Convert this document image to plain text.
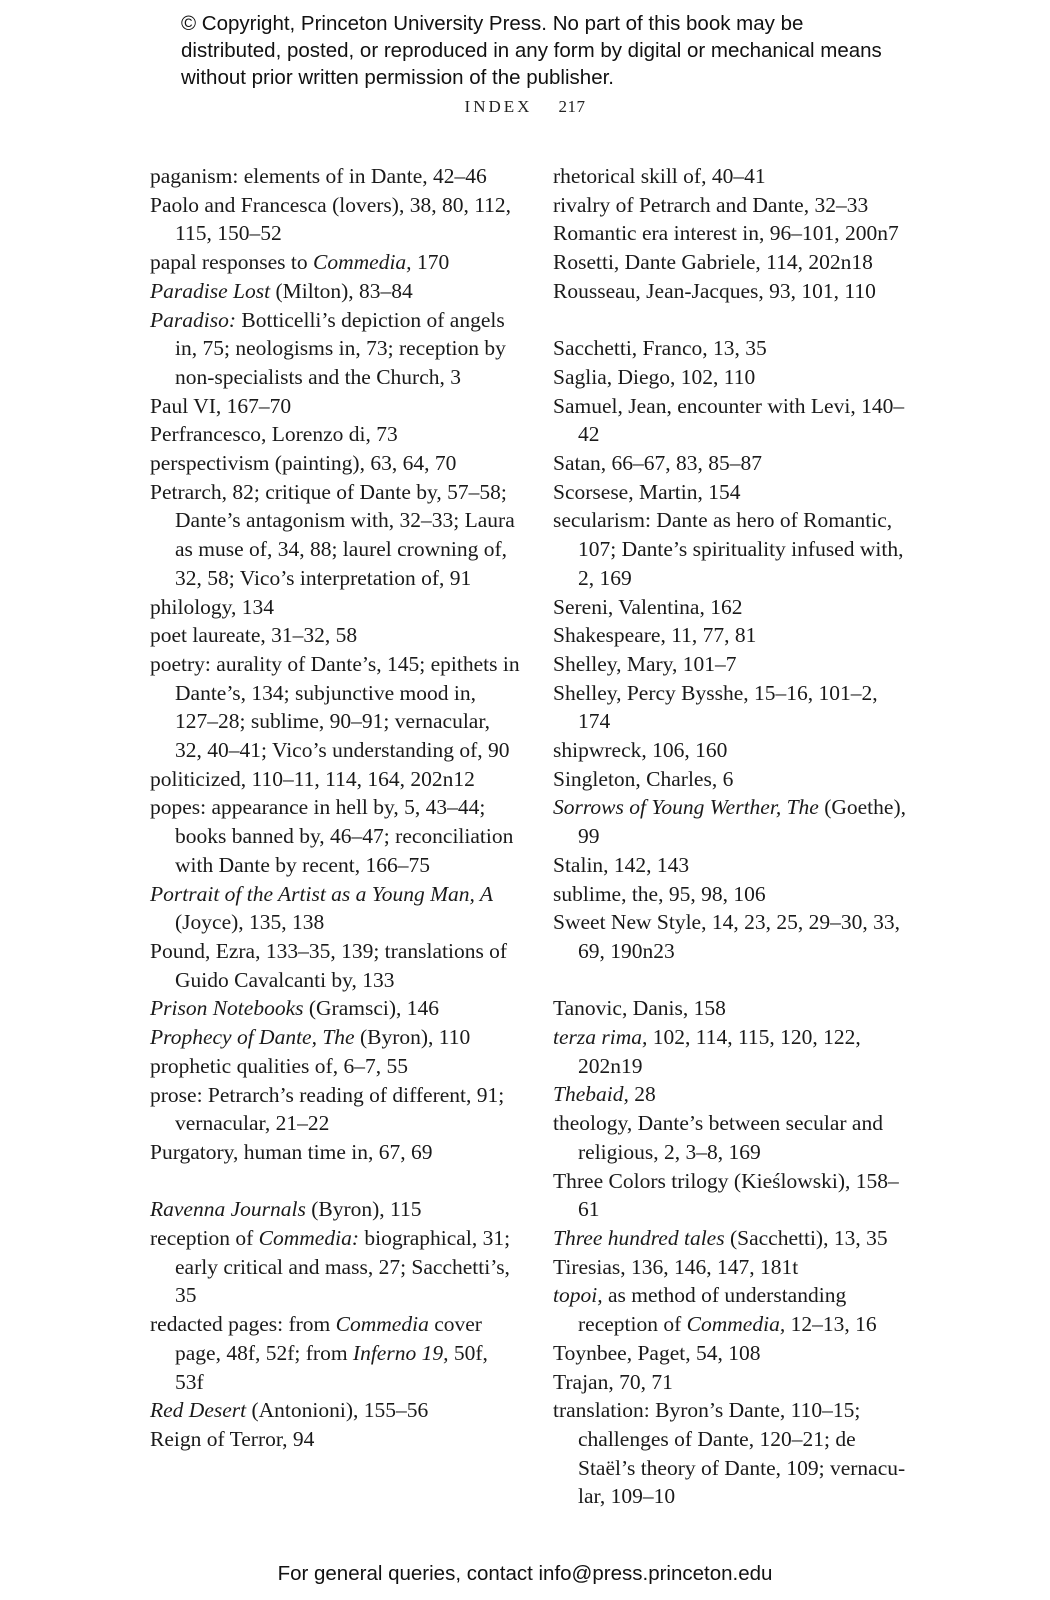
© Copyright, Princeton University Press. No part of this book may be distributed, posted, or reproduced in any form by digital or mechanical means without prior written permission of the publisher.
INDEX 217
paganism: elements of in Dante, 42–46
Paolo and Francesca (lovers), 38, 80, 112, 115, 150–52
papal responses to Commedia, 170
Paradise Lost (Milton), 83–84
Paradiso: Botticelli’s depiction of angels in, 75; neologisms in, 73; reception by non-specialists and the Church, 3
Paul VI, 167–70
Perfrancesco, Lorenzo di, 73
perspectivism (painting), 63, 64, 70
Petrarch, 82; critique of Dante by, 57–58; Dante’s antagonism with, 32–33; Laura as muse of, 34, 88; laurel crowning of, 32, 58; Vico’s interpretation of, 91
philology, 134
poet laureate, 31–32, 58
poetry: aurality of Dante’s, 145; epithets in Dante’s, 134; subjunctive mood in, 127–28; sublime, 90–91; vernacular, 32, 40–41; Vico’s understanding of, 90
politicized, 110–11, 114, 164, 202n12
popes: appearance in hell by, 5, 43–44; books banned by, 46–47; reconciliation with Dante by recent, 166–75
Portrait of the Artist as a Young Man, A (Joyce), 135, 138
Pound, Ezra, 133–35, 139; translations of Guido Cavalcanti by, 133
Prison Notebooks (Gramsci), 146
Prophecy of Dante, The (Byron), 110
prophetic qualities of, 6–7, 55
prose: Petrarch’s reading of different, 91; vernacular, 21–22
Purgatory, human time in, 67, 69
Ravenna Journals (Byron), 115
reception of Commedia: biographical, 31; early critical and mass, 27; Sacchetti’s, 35
redacted pages: from Commedia cover page, 48f, 52f; from Inferno 19, 50f, 53f
Red Desert (Antonioni), 155–56
Reign of Terror, 94
rhetorical skill of, 40–41
rivalry of Petrarch and Dante, 32–33
Romantic era interest in, 96–101, 200n7
Rosetti, Dante Gabriele, 114, 202n18
Rousseau, Jean-Jacques, 93, 101, 110
Sacchetti, Franco, 13, 35
Saglia, Diego, 102, 110
Samuel, Jean, encounter with Levi, 140–42
Satan, 66–67, 83, 85–87
Scorsese, Martin, 154
secularism: Dante as hero of Romantic, 107; Dante’s spirituality infused with, 2, 169
Sereni, Valentina, 162
Shakespeare, 11, 77, 81
Shelley, Mary, 101–7
Shelley, Percy Bysshe, 15–16, 101–2, 174
shipwreck, 106, 160
Singleton, Charles, 6
Sorrows of Young Werther, The (Goethe), 99
Stalin, 142, 143
sublime, the, 95, 98, 106
Sweet New Style, 14, 23, 25, 29–30, 33, 69, 190n23
Tanovic, Danis, 158
terza rima, 102, 114, 115, 120, 122, 202n19
Thebaid, 28
theology, Dante’s between secular and religious, 2, 3–8, 169
Three Colors trilogy (Kieślowski), 158–61
Three hundred tales (Sacchetti), 13, 35
Tiresias, 136, 146, 147, 181t
topoi, as method of understanding reception of Commedia, 12–13, 16
Toynbee, Paget, 54, 108
Trajan, 70, 71
translation: Byron’s Dante, 110–15; challenges of Dante, 120–21; de Staël’s theory of Dante, 109; vernacular, 109–10
For general queries, contact info@press.princeton.edu
